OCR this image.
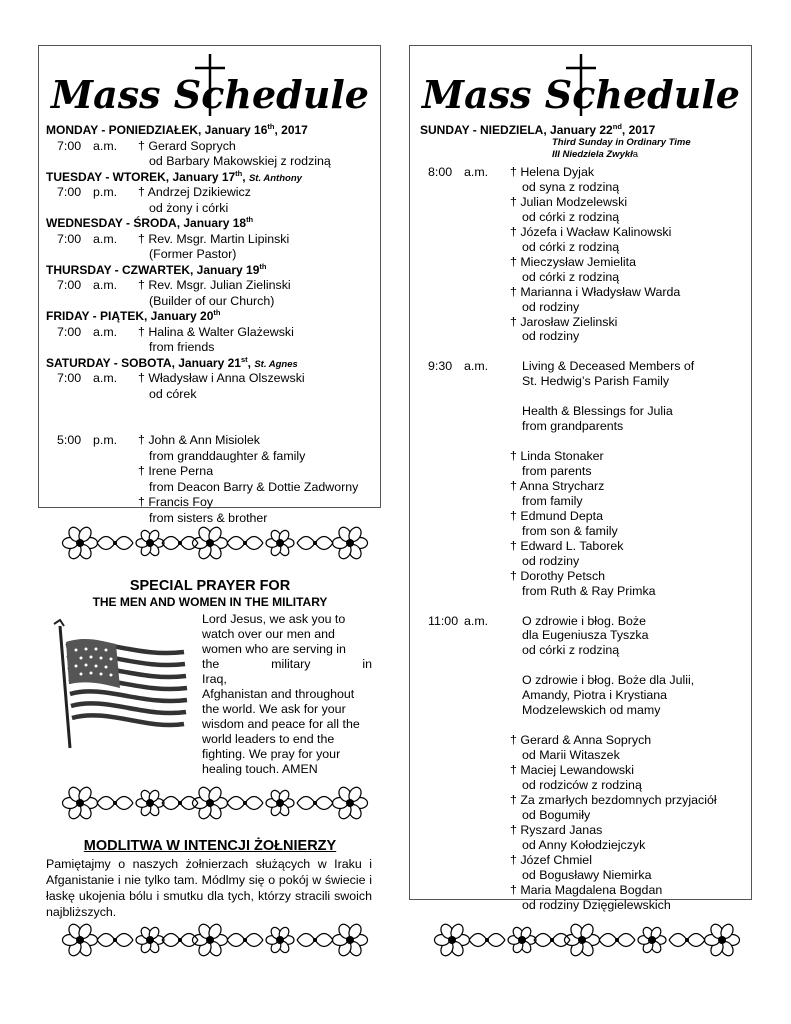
Mass Schedule
MONDAY - PONIEDZIAŁEK, January 16th, 2017
7:00 a.m. † Gerard Soprych
od Barbary Makowskiej z rodziną
TUESDAY - WTOREK, January 17th, St. Anthony
7:00 p.m. † Andrzej Dzikiewicz
od żony i córki
WEDNESDAY - ŚRODA, January 18th
7:00 a.m. † Rev. Msgr. Martin Lipinski
(Former Pastor)
THURSDAY - CZWARTEK, January 19th
7:00 a.m. † Rev. Msgr. Julian Zielinski
(Builder of our Church)
FRIDAY - PIĄTEK, January 20th
7:00 a.m. † Halina & Walter Glażewski
from friends
SATURDAY - SOBOTA, January 21st, St. Agnes
7:00 a.m. † Władysław i Anna Olszewski
od córek
5:00 p.m. † John & Ann Misiolek
from granddaughter & family
† Irene Perna
from Deacon Barry & Dottie Zadworny
† Francis Foy
from sisters & brother
Mass Schedule
SUNDAY - NIEDZIELA, January 22nd, 2017
Third Sunday in Ordinary Time
III Niedziela Zwykła
8:00 a.m. † Helena Dyjak
od syna z rodziną
† Julian Modzelewski
od córki z rodziną
† Józefa i Wacław Kalinowski
od córki z rodziną
† Mieczysław Jemielita
od córki z rodziną
† Marianna i Władysław Warda
od rodziny
† Jarosław Zielinski
od rodziny
9:30 a.m.	Living & Deceased Members of
St. Hedwig’s Parish Family
Health & Blessings for Julia
from grandparents
† Linda Stonaker
from parents
† Anna Strycharz
from family
† Edmund Depta
from son & family
† Edward L. Taborek
od rodziny
† Dorothy Petsch
from Ruth & Ray Primka
11:00 a.m.	O zdrowie i błog. Boże
dla Eugeniusza Tyszka
od córki z rodziną
O zdrowie i błog. Boże dla Julii,
Amandy, Piotra i Krystiana
Modzelewskich od mamy
† Gerard & Anna Soprych
od Marii Witaszek
† Maciej Lewandowski
od rodziców z rodziną
† Za zmarłych bezdomnych przyjaciół
od Bogumiły
† Ryszard Janas
od Anny Kołodziejczyk
† Józef Chmiel
od Bogusławy Niemirka
† Maria Magdalena Bogdan
od rodziny Dzięgielewskich
SPECIAL PRAYER FOR
THE MEN AND WOMEN IN THE MILITARY
Lord Jesus, we ask you to
watch over our men and
women who are serving in
the military in Iraq,
Afghanistan and throughout
the world. We ask for your
wisdom and peace for all the
world leaders to end the
fighting. We pray for your
healing touch. AMEN
MODLITWA W INTENCJI ŻOŁNIERZY
Pamiętajmy o naszych żołnierzach służących w Iraku i Afganistanie i nie tylko tam. Módlmy się o pokój w świecie i łaskę ukojenia bólu i smutku dla tych, którzy stracili swoich najbliższych.
